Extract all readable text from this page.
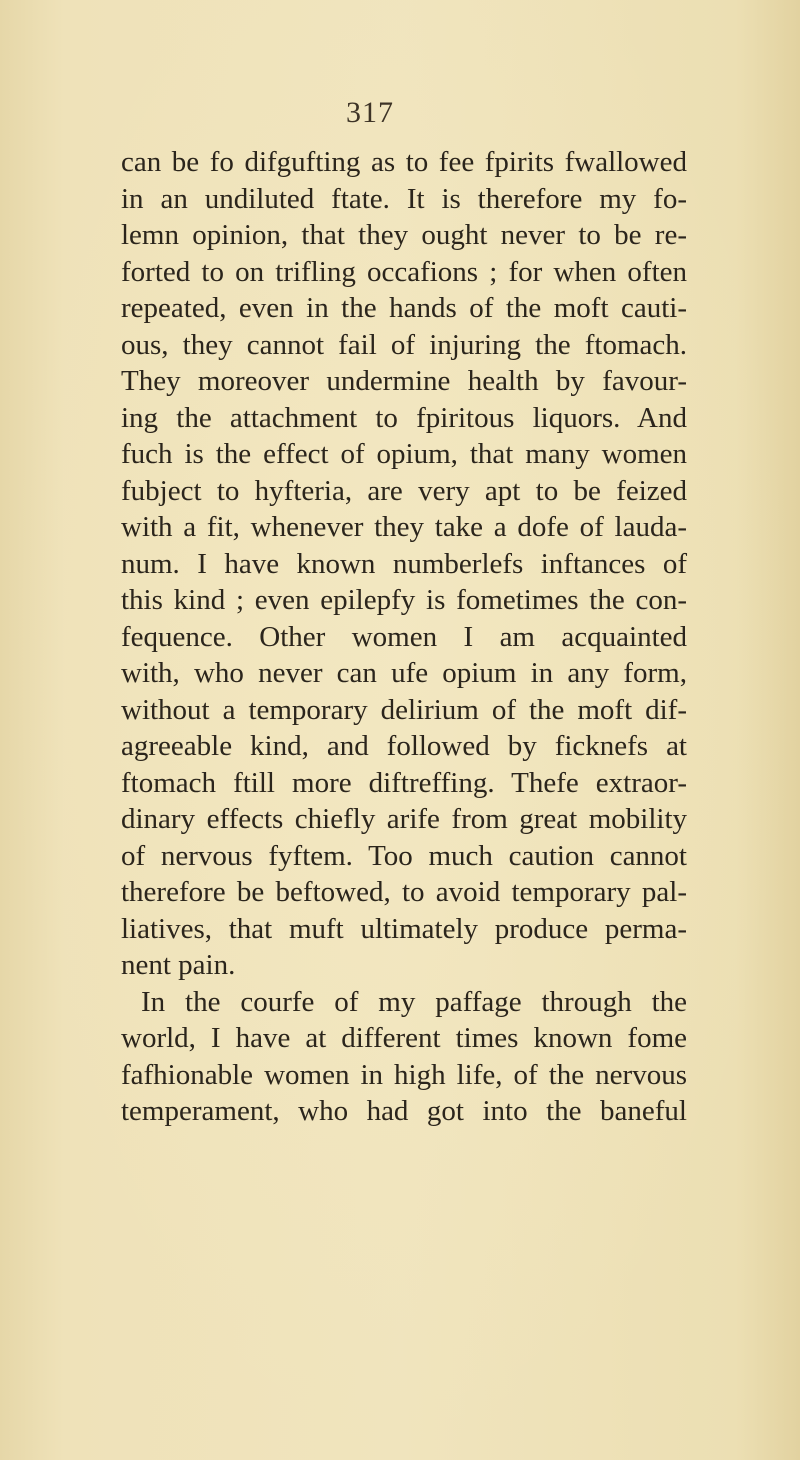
317
can be fo difgufting as to fee fpirits fwallowed
in an undiluted ftate. It is therefore my fo-
lemn opinion, that they ought never to be re-
forted to on trifling occafions ; for when often
repeated, even in the hands of the moft cauti-
ous, they cannot fail of injuring the ftomach.
They moreover undermine health by favour-
ing the attachment to fpiritous liquors. And
fuch is the effect of opium, that many women
fubject to hyfteria, are very apt to be feized
with a fit, whenever they take a dofe of lauda-
num. I have known numberlefs inftances of
this kind ; even epilepfy is fometimes the con-
fequence. Other women I am acquainted
with, who never can ufe opium in any form,
without a temporary delirium of the moft dif-
agreeable kind, and followed by ficknefs at
ftomach ftill more diftreffing. Thefe extraor-
dinary effects chiefly arife from great mobility
of nervous fyftem. Too much caution cannot
therefore be beftowed, to avoid temporary pal-
liatives, that muft ultimately produce perma-
nent pain.
In the courfe of my paffage through the
world, I have at different times known fome
fafhionable women in high life, of the nervous
temperament, who had got into the baneful
